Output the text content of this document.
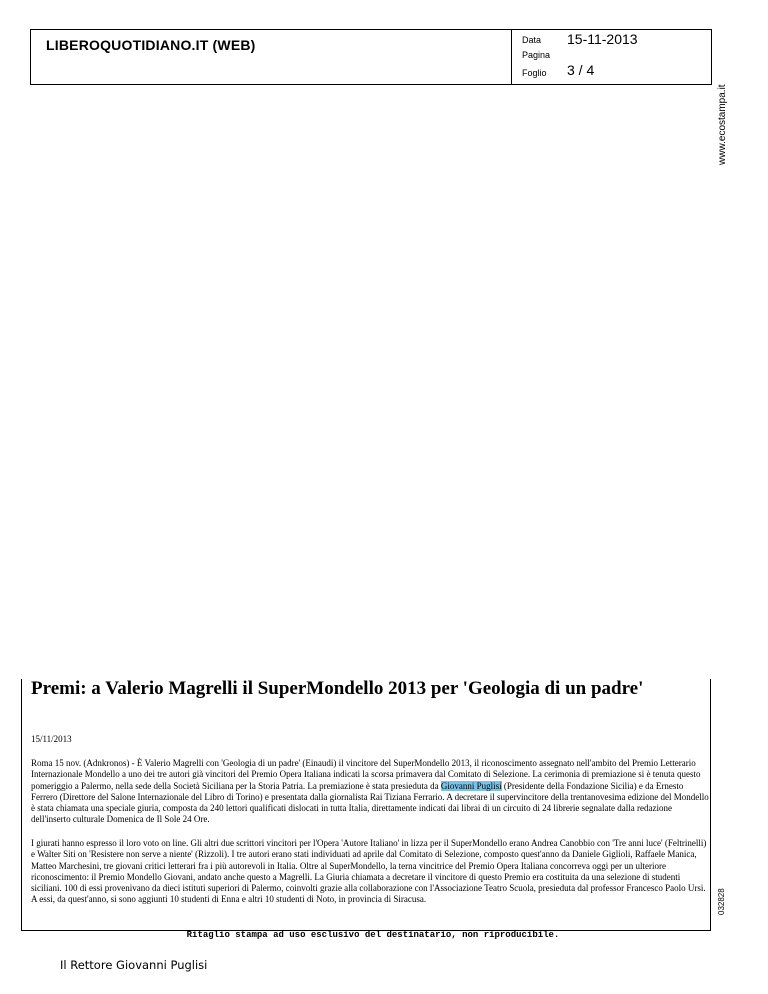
LIBEROQUOTIDIANO.IT (WEB)	Data 15-11-2013
Pagina
Foglio 3 / 4
www.ecostampa.it
032828
Premi: a Valerio Magrelli il SuperMondello 2013 per 'Geologia di un padre'
15/11/2013

Roma 15 nov. (Adnkronos) - È Valerio Magrelli con 'Geologia di un padre' (Einaudi) il vincitore del SuperMondello 2013, il riconoscimento assegnato nell'ambito del Premio Letterario Internazionale Mondello a uno dei tre autori già vincitori del Premio Opera Italiana indicati la scorsa primavera dal Comitato di Selezione. La cerimonia di premiazione si è tenuta questo pomeriggio a Palermo, nella sede della Società Siciliana per la Storia Patria. La premiazione è stata presieduta da Giovanni Puglisi (Presidente della Fondazione Sicilia) e da Ernesto Ferrero (Direttore del Salone Internazionale del Libro di Torino) e presentata dalla giornalista Rai Tiziana Ferrario. A decretare il supervincitore della trentanovesima edizione del Mondello è stata chiamata una speciale giuria, composta da 240 lettori qualificati dislocati in tutta Italia, direttamente indicati dai librai di un circuito di 24 librerie segnalate dalla redazione dell'inserto culturale Domenica de Il Sole 24 Ore.

I giurati hanno espresso il loro voto on line. Gli altri due scrittori vincitori per l'Opera 'Autore Italiano' in lizza per il SuperMondello erano Andrea Canobbio con 'Tre anni luce' (Feltrinelli) e Walter Siti on 'Resistere non serve a niente' (Rizzoli). I tre autori erano stati individuati ad aprile dal Comitato di Selezione, composto quest'anno da Daniele Giglioli, Raffaele Manica, Matteo Marchesini, tre giovani critici letterari fra i più autorevoli in Italia. Oltre al SuperMondello, la terna vincitrice del Premio Opera Italiana concorreva oggi per un ulteriore riconoscimento: il Premio Mondello Giovani, andato anche questo a Magrelli. La Giuria chiamata a decretare il vincitore di questo Premio era costituita da una selezione di studenti siciliani. 100 di essi provenivano da dieci istituti superiori di Palermo, coinvolti grazie alla collaborazione con l'Associazione Teatro Scuola, presieduta dal professor Francesco Paolo Ursi. A essi, da quest'anno, si sono aggiunti 10 studenti di Enna e altri 10 studenti di Noto, in provincia di Siracusa.

Ritaglio stampa ad uso esclusivo del destinatario, non riproducibile.
Il Rettore Giovanni Puglisi
